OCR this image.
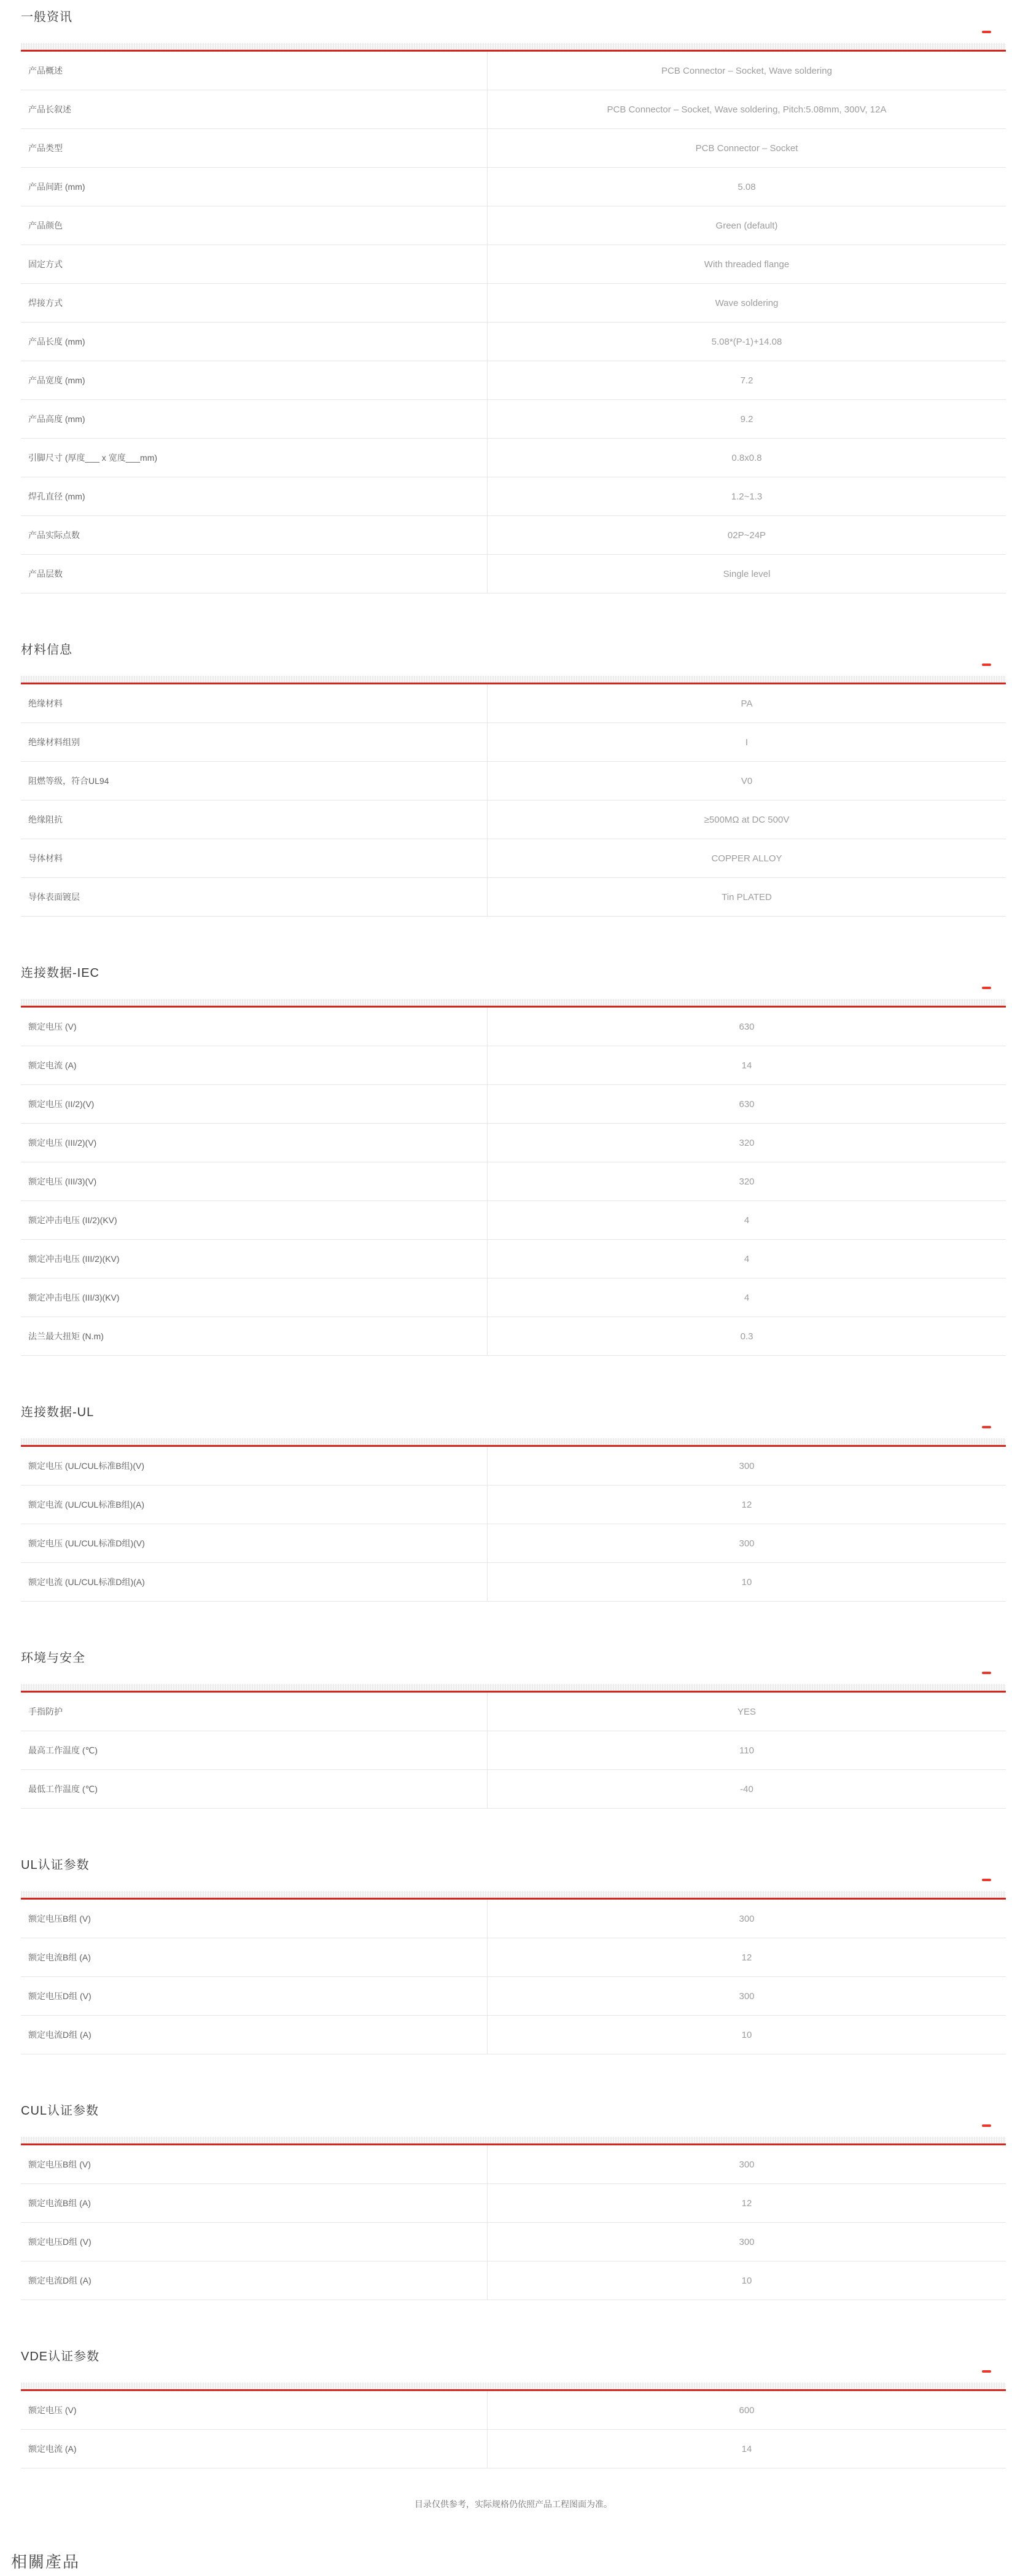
一般资讯
产品概述	PCB Connector – Socket, Wave soldering
产品长叙述	PCB Connector – Socket, Wave soldering, Pitch:5.08mm, 300V, 12A
产品类型	PCB Connector – Socket
产品间距 (mm)	5.08
产品颜色	Green (default)
固定方式	With threaded flange
焊接方式	Wave soldering
产品长度 (mm)	5.08*(P-1)+14.08
产品宽度 (mm)	7.2
产品高度 (mm)	9.2
引脚尺寸 (厚度___ x 宽度___mm)	0.8x0.8
焊孔直径 (mm)	1.2~1.3
产品实际点数	02P~24P
产品层数	Single level
材料信息
绝缘材料	PA
绝缘材料组别	I
阻燃等级，符合UL94	V0
绝缘阻抗	≥500MΩ at DC 500V
导体材料	COPPER ALLOY
导体表面镀层	Tin PLATED
连接数据-IEC
额定电压 (V)	630
额定电流 (A)	14
额定电压 (II/2)(V)	630
额定电压 (III/2)(V)	320
额定电压 (III/3)(V)	320
额定冲击电压 (II/2)(KV)	4
额定冲击电压 (III/2)(KV)	4
额定冲击电压 (III/3)(KV)	4
法兰最大扭矩 (N.m)	0.3
连接数据-UL
额定电压 (UL/CUL标准B组)(V)	300
额定电流 (UL/CUL标准B组)(A)	12
额定电压 (UL/CUL标准D组)(V)	300
额定电流 (UL/CUL标准D组)(A)	10
环境与安全
手指防护	YES
最高工作温度 (℃)	110
最低工作温度 (℃)	-40
UL认证参数
额定电压B组 (V)	300
额定电流B组 (A)	12
额定电压D组 (V)	300
额定电流D组 (A)	10
CUL认证参数
额定电压B组 (V)	300
额定电流B组 (A)	12
额定电压D组 (V)	300
额定电流D组 (A)	10
VDE认证参数
额定电压 (V)	600
额定电流 (A)	14

目录仅供参考，实际规格仍依照产品工程图面为准。

相關產品
